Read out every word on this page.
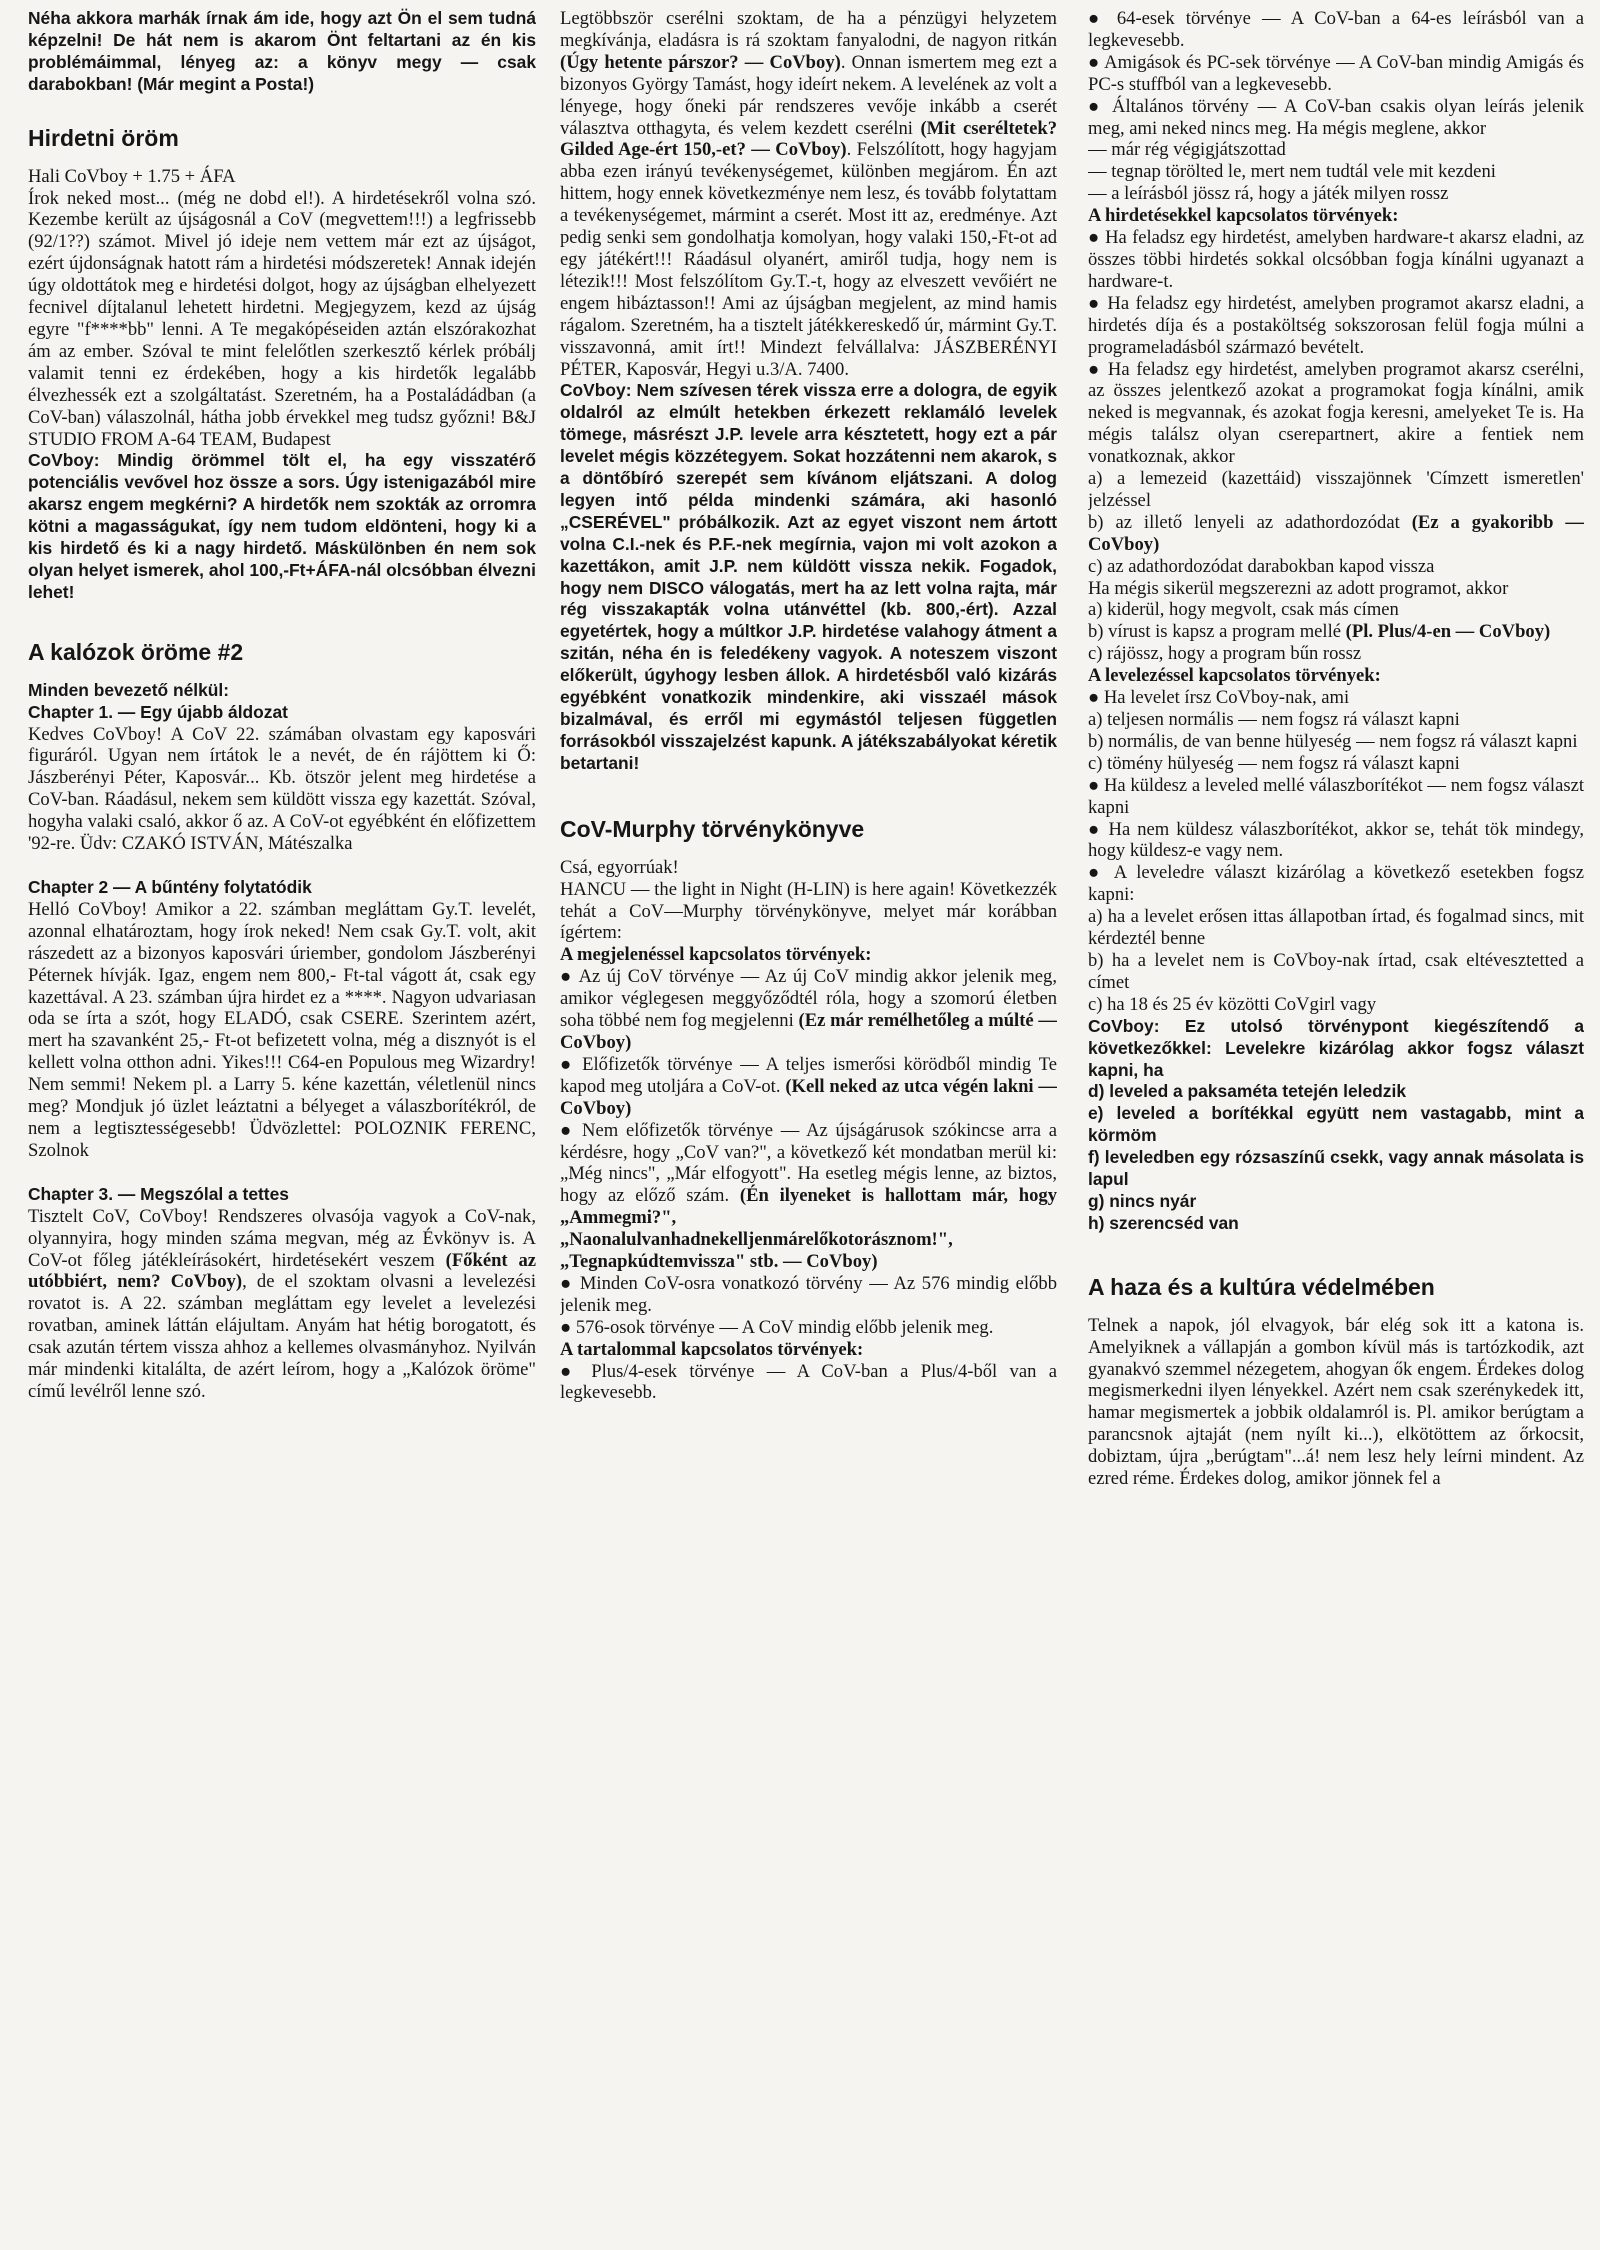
Néha akkora marhák írnak ám ide, hogy azt Ön el sem tudná képzelni! De hát nem is akarom Önt feltartani az én kis problémáimmal, lényeg az: a könyv megy — csak darabokban! (Már megint a Posta!)

Hirdetni öröm

Hali CoVboy + 1.75 + ÁFA
Írok neked most... (még ne dobd el!). A hirdetésekről volna szó. Kezembe került az újságosnál a CoV (megvettem!!!) a legfrissebb (92/1??) számot. Mivel jó ideje nem vettem már ezt az újságot, ezért újdonságnak hatott rám a hirdetési módszeretek! Annak idején úgy oldottátok meg e hirdetési dolgot, hogy az újságban elhelyezett fecnivel díjtalanul lehetett hirdetni. Megjegyzem, kezd az újság egyre "f****bb" lenni. A Te megakópéseiden aztán elszórakozhat ám az ember. Szóval te mint felelőtlen szerkesztő kérlek próbálj valamit tenni ez érdekében, hogy a kis hirdetők legalább élvezhessék ezt a szolgáltatást. Szeretném, ha a Postaládádban (a CoV-ban) válaszolnál, hátha jobb érvekkel meg tudsz győzni! B&J STUDIO FROM A-64 TEAM, Budapest

CoVboy: Mindig örömmel tölt el, ha egy visszatérő potenciális vevővel hoz össze a sors. Úgy istenigazából mire akarsz engem megkérni? A hirdetők nem szokták az orromra kötni a magasságukat, így nem tudom eldönteni, hogy ki a kis hirdető és ki a nagy hirdető. Máskülönben én nem sok olyan helyet ismerek, ahol 100,-Ft+ÁFA-nál olcsóbban élvezni lehet!

A kalózok öröme #2

Minden bevezető nélkül:

Chapter 1. — Egy újabb áldozat

Kedves CoVboy! A CoV 22. számában olvastam egy kaposvári figuráról. Ugyan nem írtátok le a nevét, de én rájöttem ki Ő: Jászberényi Péter, Kaposvár... Kb. ötször jelent meg hirdetése a CoV-ban. Ráadásul, nekem sem küldött vissza egy kazettát. Szóval, hogyha valaki csaló, akkor ő az. A CoV-ot egyébként én előfizettem '92-re. Üdv: CZAKÓ ISTVÁN, Mátészalka

Chapter 2 — A bűntény folytatódik

Helló CoVboy! Amikor a 22. számban megláttam Gy.T. levelét, azonnal elhatároztam, hogy írok neked! Nem csak Gy.T. volt, akit rászedett az a bizonyos kaposvári úriember, gondolom Jászberényi Péternek hívják. Igaz, engem nem 800,- Ft-tal vágott át, csak egy kazettával. A 23. számban újra hirdet ez a ****. Nagyon udvariasan oda se írta a szót, hogy ELADÓ, csak CSERE. Szerintem azért, mert ha szavanként 25,- Ft-ot befizetett volna, még a disznyót is el kellett volna otthon adni. Yikes!!! C64-en Populous meg Wizardry! Nem semmi! Nekem pl. a Larry 5. kéne kazettán, véletlenül nincs meg? Mondjuk jó üzlet leáztatni a bélyeget a válaszborítékról, de nem a legtisztességesebb! Üdvözlettel: POLOZNIK FERENC, Szolnok

Chapter 3. — Megszólal a tettes

Tisztelt CoV, CoVboy! Rendszeres olvasója vagyok a CoV-nak, olyannyira, hogy minden száma megvan, még az Évkönyv is. A CoV-ot főleg játékleírásokért, hirdetésekért veszem (Főként az utóbbiért, nem? CoVboy), de el szoktam olvasni a levelezési rovatot is. A 22. számban megláttam egy levelet a levelezési rovatban, aminek láttán elájultam. Anyám hat hétig borogatott, és csak azután tértem vissza ahhoz a kellemes olvasmányhoz. Nyilván már mindenki kitalálta, de azért leírom, hogy a „Kalózok öröme" című levélről lenne szó.

Legtöbbször cserélni szoktam, de ha a pénzügyi helyzetem megkívánja, eladásra is rá szoktam fanyalodni, de nagyon ritkán (Úgy hetente párszor? — CoVboy). Onnan ismertem meg ezt a bizonyos György Tamást, hogy ideírt nekem. A levelének az volt a lényege, hogy őneki pár rendszeres vevője inkább a cserét választva otthagyta, és velem kezdett cserélni (Mit cseréltetek? Gilded Age-ért 150,-et? — CoVboy). Felszólított, hogy hagyjam abba ezen irányú tevékenységemet, különben megjárom. Én azt hittem, hogy ennek következménye nem lesz, és tovább folytattam a tevékenységemet, mármint a cserét. Most itt az, eredménye. Azt pedig senki sem gondolhatja komolyan, hogy valaki 150,-Ft-ot ad egy játékért!!! Ráadásul olyanért, amiről tudja, hogy nem is létezik!!! Most felszólítom Gy.T.-t, hogy az elveszett vevőiért ne engem hibáztasson!! Ami az újságban megjelent, az mind hamis rágalom. Szeretném, ha a tisztelt játékkereskedő úr, mármint Gy.T. visszavonná, amit írt!! Mindezt felvállalva: JÁSZBERÉNYI PÉTER, Kaposvár, Hegyi u.3/A. 7400.

CoVboy: Nem szívesen térek vissza erre a dologra, de egyik oldalról az elmúlt hetekben érkezett reklamáló levelek tömege, másrészt J.P. levele arra késztetett, hogy ezt a pár levelet mégis közzétegyem. Sokat hozzátenni nem akarok, s a döntőbíró szerepét sem kívánom eljátszani. A dolog legyen intő példa mindenki számára, aki hasonló „CSERÉVEL" próbálkozik. Azt az egyet viszont nem ártott volna C.I.-nek és P.F.-nek megírnia, vajon mi volt azokon a kazettákon, amit J.P. nem küldött vissza nekik. Fogadok, hogy nem DISCO válogatás, mert ha az lett volna rajta, már rég visszakapták volna utánvéttel (kb. 800,-ért). Azzal egyetértek, hogy a múltkor J.P. hirdetése valahogy átment a szitán, néha én is feledékeny vagyok. A noteszem viszont előkerült, úgyhogy lesben állok. A hirdetésből való kizárás egyébként vonatkozik mindenkire, aki visszaél mások bizalmával, és erről mi egymástól teljesen független forrásokból visszajelzést kapunk. A játékszabályokat kéretik betartani!

CoV-Murphy törvénykönyve

Csá, egyorrúak!

HANCU — the light in Night (H-LIN) is here again! Következzék tehát a CoV—Murphy törvénykönyve, melyet már korábban ígértem:

A megjelenéssel kapcsolatos törvények:

● Az új CoV törvénye — Az új CoV mindig akkor jelenik meg, amikor véglegesen meggyőződtél róla, hogy a szomorú életben soha többé nem fog megjelenni (Ez már remélhetőleg a múlté — CoVboy)

● Előfizetők törvénye — A teljes ismerősi körödből mindig Te kapod meg utoljára a CoV-ot. (Kell neked az utca végén lakni — CoVboy)

● Nem előfizetők törvénye — Az újságárusok szókincse arra a kérdésre, hogy „CoV van?", a következő két mondatban merül ki: „Még nincs", „Már elfogyott". Ha esetleg mégis lenne, az biztos, hogy az előző szám. (Én ilyeneket is hallottam már, hogy „Ammegmi?", „Naonalulvanhadnekelljenmárelőkotorásznom!", „Tegnapkúdtemvissza" stb. — CoVboy)

● Minden CoV-osra vonatkozó törvény — Az 576 mindig előbb jelenik meg.

● 576-osok törvénye — A CoV mindig előbb jelenik meg.

A tartalommal kapcsolatos törvények:

● Plus/4-esek törvénye — A CoV-ban a Plus/4-ből van a legkevesebb.

● 64-esek törvénye — A CoV-ban a 64-es leírásból van a legkevesebb.

● Amigások és PC-sek törvénye — A CoV-ban mindig Amigás és PC-s stuffból van a legkevesebb.

● Általános törvény — A CoV-ban csakis olyan leírás jelenik meg, ami neked nincs meg. Ha mégis meglene, akkor

— már rég végigjátszottad

— tegnap törölted le, mert nem tudtál vele mit kezdeni

— a leírásból jössz rá, hogy a játék milyen rossz

A hirdetésekkel kapcsolatos törvények:

● Ha feladsz egy hirdetést, amelyben hardware-t akarsz eladni, az összes többi hirdetés sokkal olcsóbban fogja kínálni ugyanazt a hardware-t.

● Ha feladsz egy hirdetést, amelyben programot akarsz eladni, a hirdetés díja és a postaköltség sokszorosan felül fogja múlni a programeladásból származó bevételt.

● Ha feladsz egy hirdetést, amelyben programot akarsz cserélni, az összes jelentkező azokat a programokat fogja kínálni, amik neked is megvannak, és azokat fogja keresni, amelyeket Te is. Ha mégis találsz olyan cserepartnert, akire a fentiek nem vonatkoznak, akkor

a) a lemezeid (kazettáid) visszajönnek 'Címzett ismeretlen' jelzéssel

b) az illető lenyeli az adathordozódat (Ez a gyakoribb — CoVboy)

c) az adathordozódat darabokban kapod vissza

Ha mégis sikerül megszerezni az adott programot, akkor

a) kiderül, hogy megvolt, csak más címen

b) vírust is kapsz a program mellé (Pl. Plus/4-en — CoVboy)

c) rájössz, hogy a program bűn rossz

A levelezéssel kapcsolatos törvények:

● Ha levelet írsz CoVboy-nak, ami

a) teljesen normális — nem fogsz rá választ kapni

b) normális, de van benne hülyeség — nem fogsz rá választ kapni

c) tömény hülyeség — nem fogsz rá választ kapni

● Ha küldesz a leveled mellé válaszborítékot — nem fogsz választ kapni

● Ha nem küldesz válaszborítékot, akkor se, tehát tök mindegy, hogy küldesz-e vagy nem.

● A leveledre választ kizárólag a következő esetekben fogsz kapni:

a) ha a levelet erősen ittas állapotban írtad, és fogalmad sincs, mit kérdeztél benne

b) ha a levelet nem is CoVboy-nak írtad, csak eltévesztetted a címet

c) ha 18 és 25 év közötti CoVgirl vagy

CoVboy: Ez utolsó törvénypont kiegészítendő a következőkkel: Levelekre kizárólag akkor fogsz választ kapni, ha

d) leveled a paksaméta tetején leledzik

e) leveled a borítékkal együtt nem vastagabb, mint a körmöm

f) leveledben egy rózsaszínű csekk, vagy annak másolata is lapul

g) nincs nyár

h) szerencséd van

A haza és a kultúra védelmében

Telnek a napok, jól elvagyok, bár elég sok itt a katona is. Amelyiknek a vállapján a gombon kívül más is tartózkodik, azt gyanakvó szemmel nézegetem, ahogyan ők engem. Érdekes dolog megismerkedni ilyen lényekkel. Azért nem csak szerénykedek itt, hamar megismertek a jobbik oldalamról is. Pl. amikor berúgtam a parancsnok ajtaját (nem nyílt ki...), elkötöttem az őrkocsit, dobiztam, újra „berúgtam"...á! nem lesz hely leírni mindent. Az ezred réme. Érdekes dolog, amikor jönnek fel a
